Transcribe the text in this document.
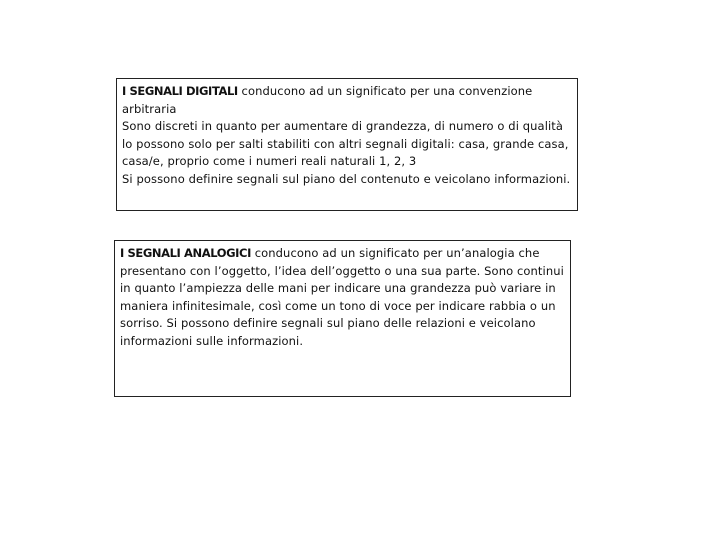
I SEGNALI DIGITALI conducono ad un significato per una convenzione arbitraria

Sono discreti in quanto per aumentare di grandezza, di numero o di qualità lo possono solo per salti stabiliti con altri segnali digitali: casa, grande casa, casa/e, proprio come i numeri reali naturali 1, 2, 3

Si possono definire segnali sul piano del contenuto e veicolano informazioni.

I SEGNALI ANALOGICI conducono ad un significato per un’analogia che presentano con l’oggetto, l’idea dell’oggetto o una sua parte. Sono continui in quanto l’ampiezza delle mani per indicare una grandezza può variare in maniera infinitesimale, così come un tono di voce per indicare rabbia o un sorriso. Si possono definire segnali sul piano delle relazioni e veicolano informazioni sulle informazioni.
